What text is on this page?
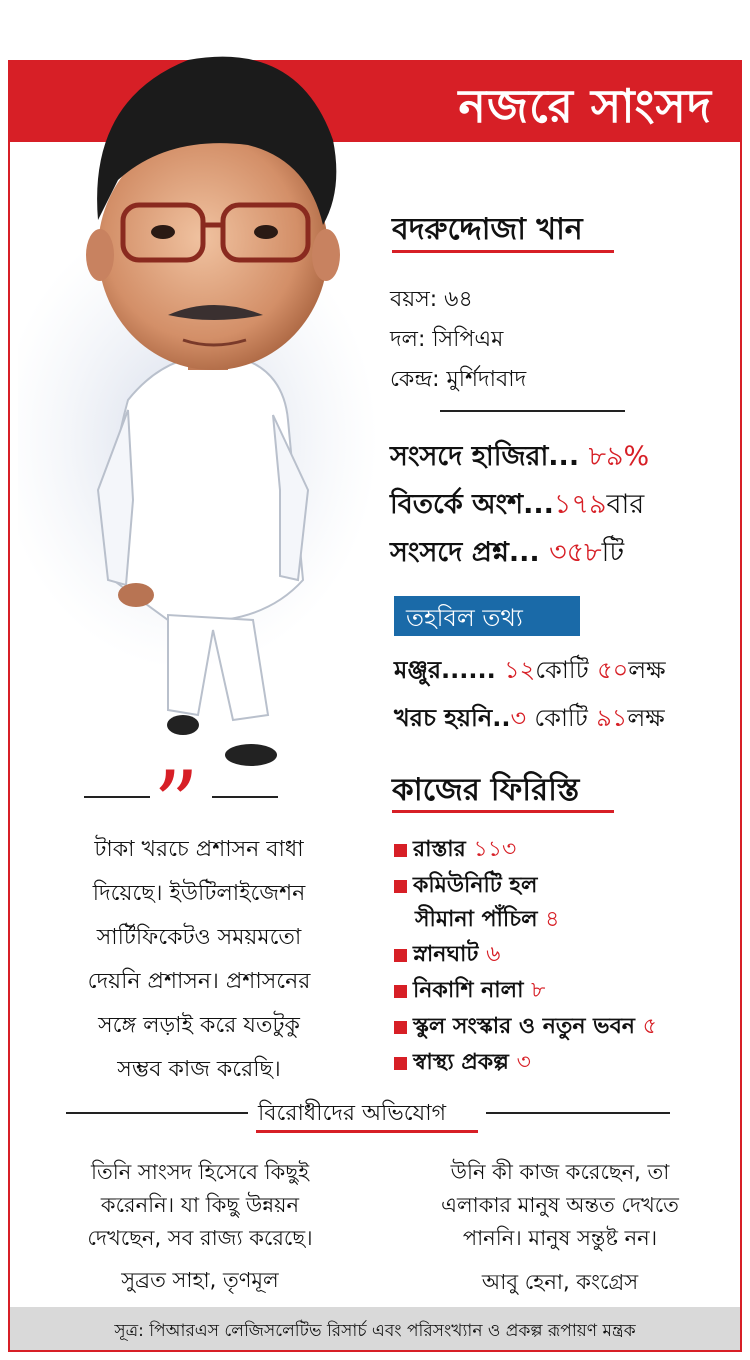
নজরে সাংসদ
বদরুদ্দোজা খান
বয়স: ৬৪
দল: সিপিএম
কেন্দ্র: মুর্শিদাবাদ
সংসদে হাজিরা... ৮৯%
বিতর্কে অংশ...১৭৯বার
সংসদে প্রশ্ন... ৩৫৮টি
তহবিল তথ্য
মঞ্জুর...... ১২কোটি ৫০লক্ষ
খরচ হয়নি..৩ কোটি ৯১লক্ষ
কাজের ফিরিস্তি
রাস্তার ১১৩
কমিউনিটি হল
সীমানা পাঁচিল ৪
স্নানঘাট ৬
নিকাশি নালা ৮
স্কুল সংস্কার ও নতুন ভবন ৫
স্বাস্থ্য প্রকল্প ৩
”
টাকা খরচে প্রশাসন বাধা
দিয়েছে। ইউটিলাইজেশন
সার্টিফিকেটও সময়মতো
দেয়নি প্রশাসন। প্রশাসনের
সঙ্গে লড়াই করে যতটুকু
সম্ভব কাজ করেছি।
বিরোধীদের অভিযোগ
তিনি সাংসদ হিসেবে কিছুই
করেননি। যা কিছু উন্নয়ন
দেখছেন, সব রাজ্য করেছে।
সুব্রত সাহা, তৃণমূল
উনি কী কাজ করেছেন, তা
এলাকার মানুষ অন্তত দেখতে
পাননি। মানুষ সন্তুষ্ট নন।
আবু হেনা, কংগ্রেস
সূত্র: পিআরএস লেজিসলেটিভ রিসার্চ এবং পরিসংখ্যান ও প্রকল্প রূপায়ণ মন্ত্রক
